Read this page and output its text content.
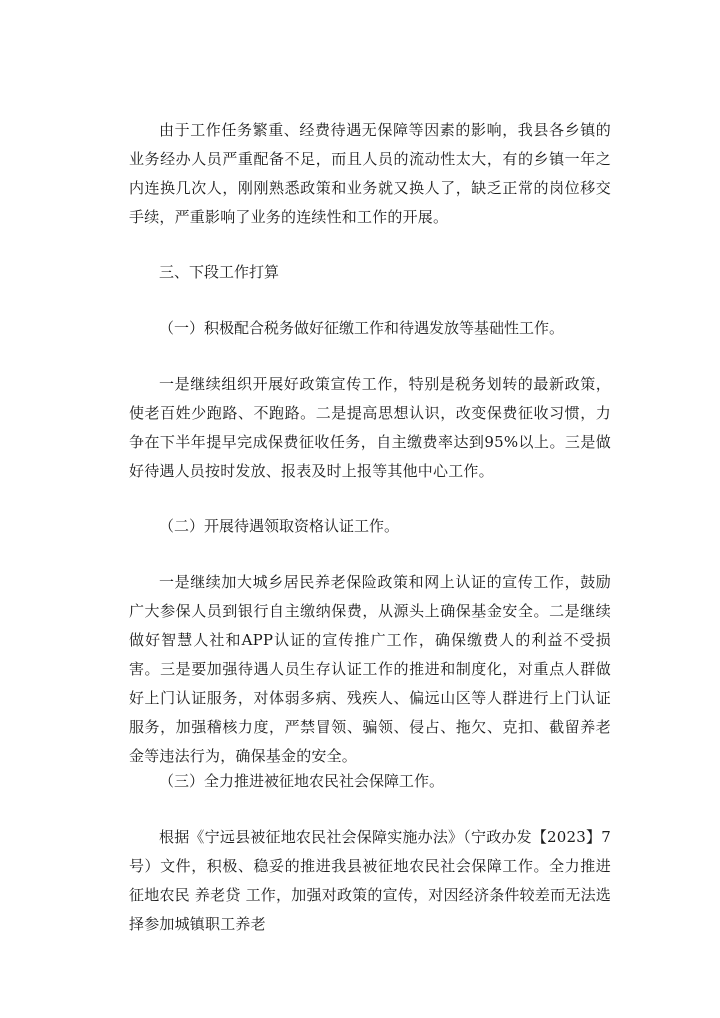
由于工作任务繁重、经费待遇无保障等因素的影响，我县各乡镇的业务经办人员严重配备不足，而且人员的流动性太大，有的乡镇一年之内连换几次人，刚刚熟悉政策和业务就又换人了，缺乏正常的岗位移交手续，严重影响了业务的连续性和工作的开展。

三、下段工作打算

（一）积极配合税务做好征缴工作和待遇发放等基础性工作。

一是继续组织开展好政策宣传工作，特别是税务划转的最新政策，使老百姓少跑路、不跑路。二是提高思想认识，改变保费征收习惯，力争在下半年提早完成保费征收任务，自主缴费率达到95%以上。三是做好待遇人员按时发放、报表及时上报等其他中心工作。

（二）开展待遇领取资格认证工作。

一是继续加大城乡居民养老保险政策和网上认证的宣传工作，鼓励广大参保人员到银行自主缴纳保费，从源头上确保基金安全。二是继续做好智慧人社和APP认证的宣传推广工作，确保缴费人的利益不受损害。三是要加强待遇人员生存认证工作的推进和制度化，对重点人群做好上门认证服务，对体弱多病、残疾人、偏远山区等人群进行上门认证服务，加强稽核力度，严禁冒领、骗领、侵占、拖欠、克扣、截留养老金等违法行为，确保基金的安全。

（三）全力推进被征地农民社会保障工作。

根据《宁远县被征地农民社会保障实施办法》（宁政办发【2023】7号）文件，积极、稳妥的推进我县被征地农民社会保障工作。全力推进征地农民 养老贷 工作，加强对政策的宣传，对因经济条件较差而无法选择参加城镇职工养老
